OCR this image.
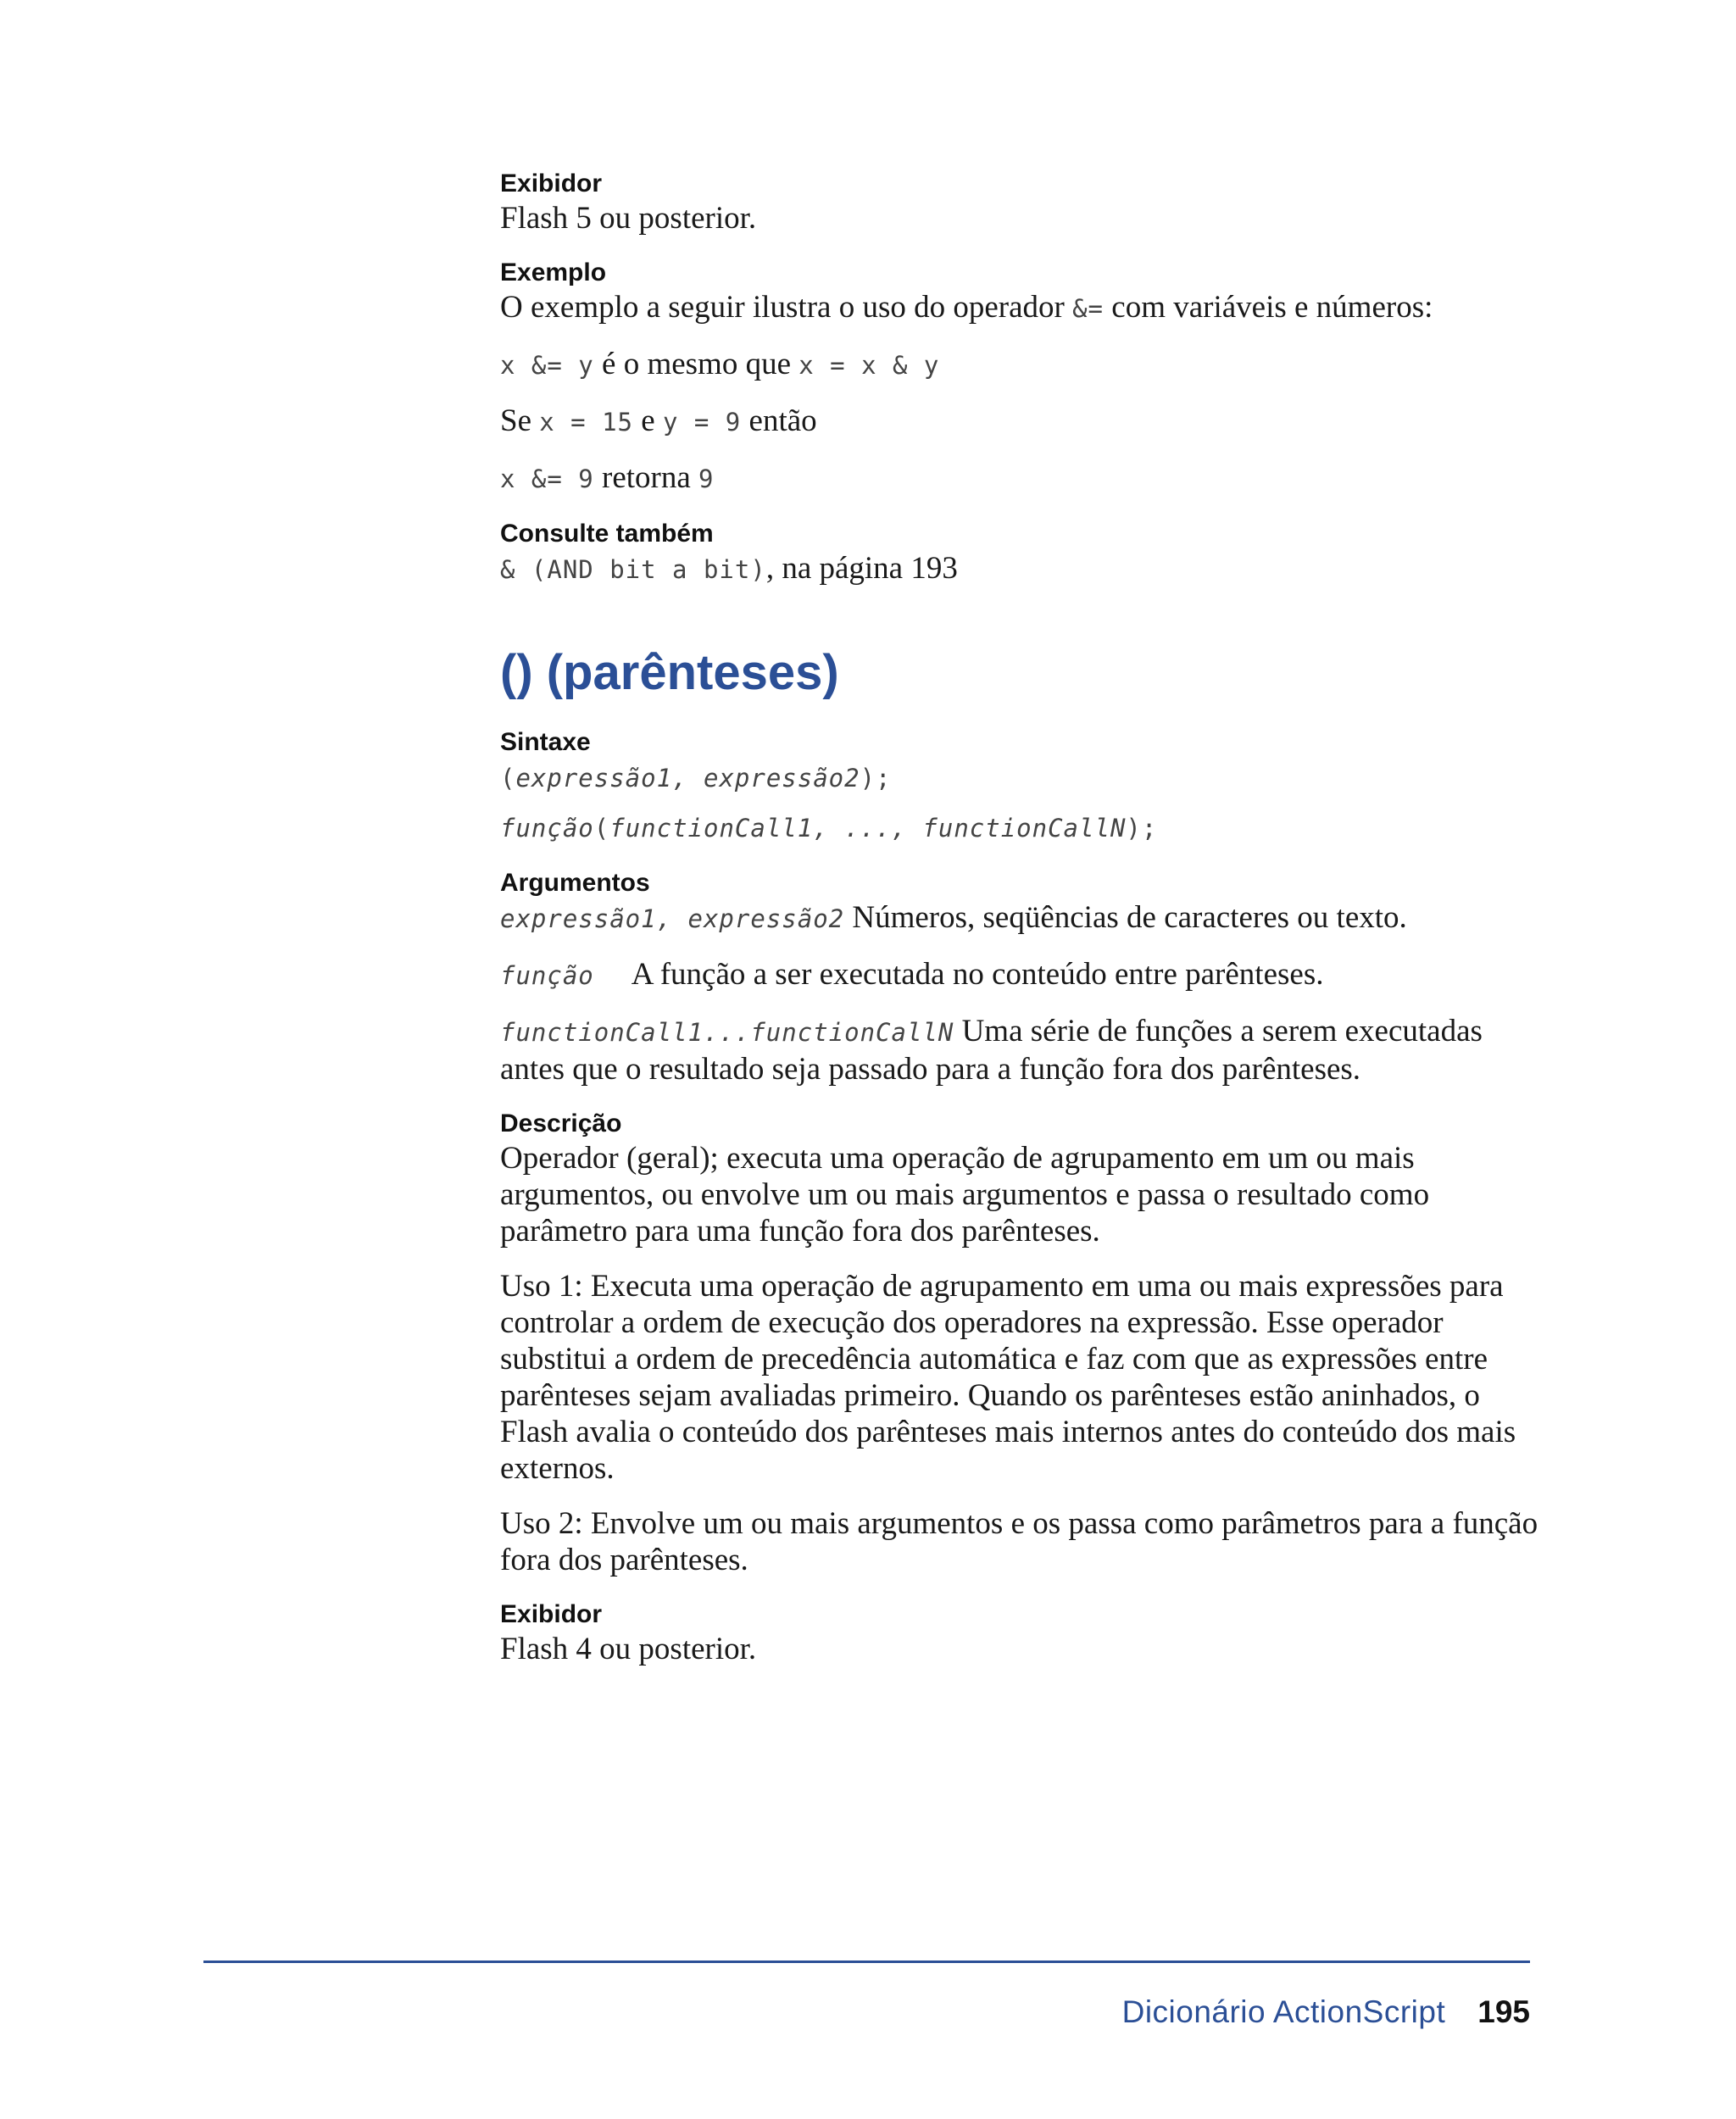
Exibidor

Flash 5 ou posterior.

Exemplo

O exemplo a seguir ilustra o uso do operador &= com variáveis e números:

x &= y é o mesmo que x = x & y

Se x = 15 e y = 9 então

x &= 9 retorna 9

Consulte também

& (AND bit a bit), na página 193

() (parênteses)
Sintaxe

(expressão1, expressão2);

função(functionCall1, ..., functionCallN);

Argumentos

expressão1, expressão2 Números, seqüências de caracteres ou texto.

função A função a ser executada no conteúdo entre parênteses.

functionCall1...functionCallN Uma série de funções a serem executadas antes que o resultado seja passado para a função fora dos parênteses.

Descrição

Operador (geral); executa uma operação de agrupamento em um ou mais argumentos, ou envolve um ou mais argumentos e passa o resultado como parâmetro para uma função fora dos parênteses.

Uso 1: Executa uma operação de agrupamento em uma ou mais expressões para controlar a ordem de execução dos operadores na expressão. Esse operador substitui a ordem de precedência automática e faz com que as expressões entre parênteses sejam avaliadas primeiro. Quando os parênteses estão aninhados, o Flash avalia o conteúdo dos parênteses mais internos antes do conteúdo dos mais externos.

Uso 2: Envolve um ou mais argumentos e os passa como parâmetros para a função fora dos parênteses.

Exibidor

Flash 4 ou posterior.

Dicionário ActionScript 195
